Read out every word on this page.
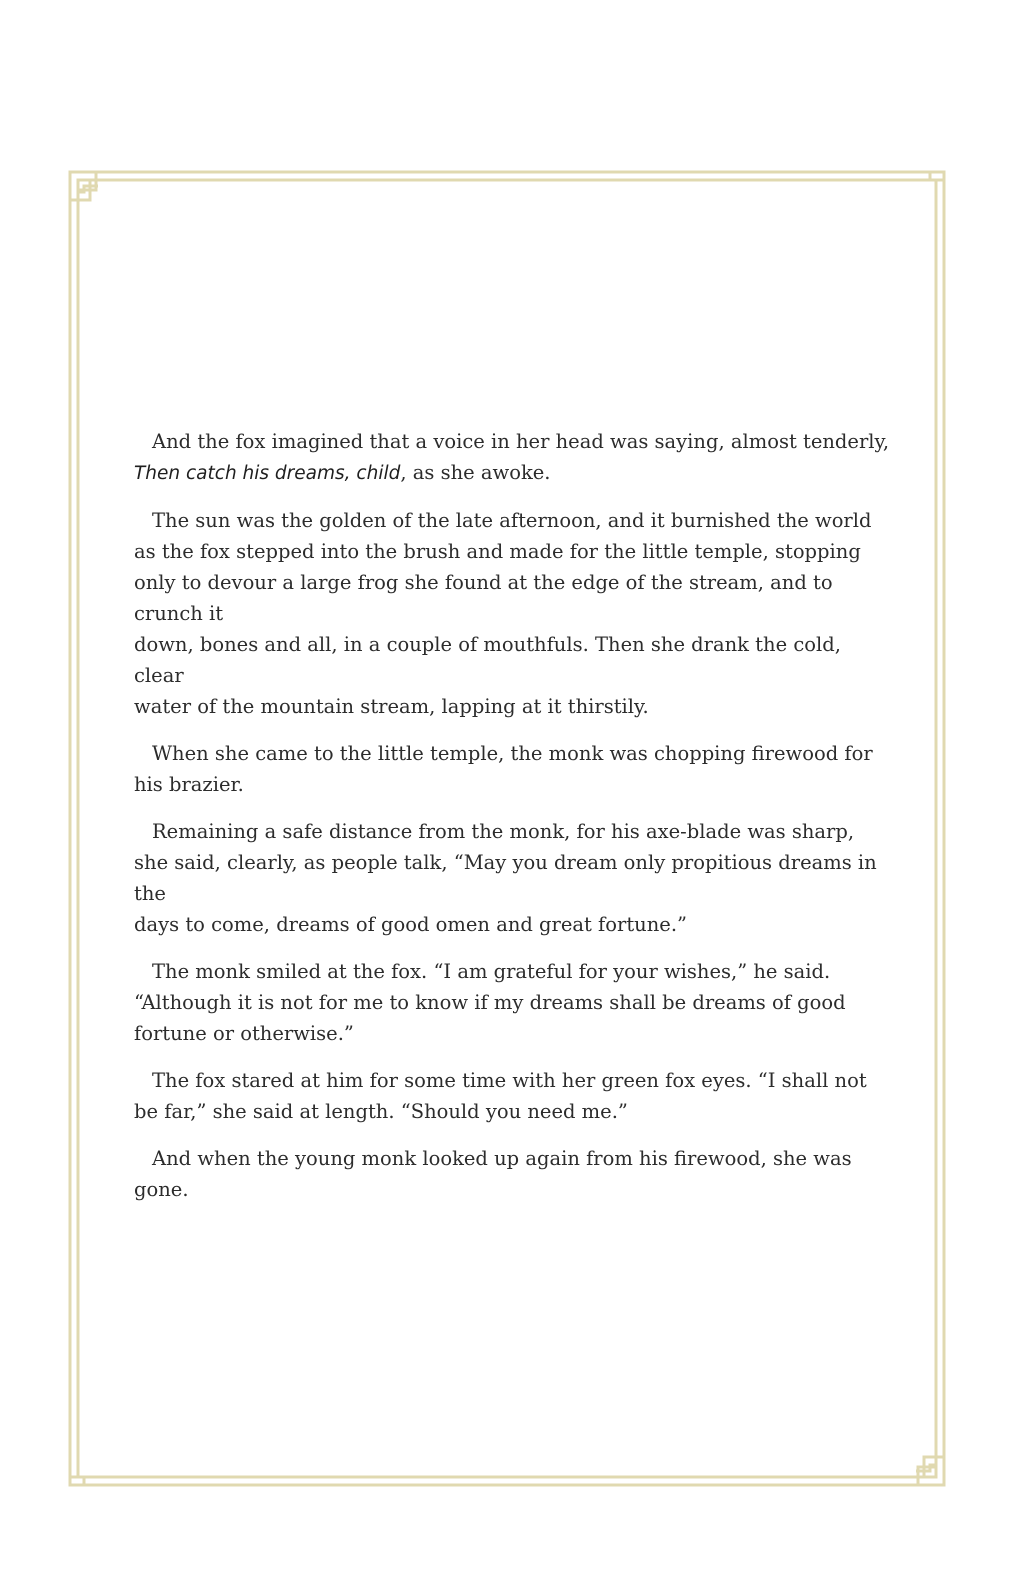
And the fox imagined that a voice in her head was saying, almost tenderly,
Then catch his dreams, child, as she awoke.

The sun was the golden of the late afternoon, and it burnished the world
as the fox stepped into the brush and made for the little temple, stopping
only to devour a large frog she found at the edge of the stream, and to crunch it
down, bones and all, in a couple of mouthfuls. Then she drank the cold, clear
water of the mountain stream, lapping at it thirstily.

When she came to the little temple, the monk was chopping firewood for
his brazier.

Remaining a safe distance from the monk, for his axe-blade was sharp,
she said, clearly, as people talk, “May you dream only propitious dreams in the
days to come, dreams of good omen and great fortune.”

The monk smiled at the fox. “I am grateful for your wishes,” he said.
“Although it is not for me to know if my dreams shall be dreams of good
fortune or otherwise.”

The fox stared at him for some time with her green fox eyes. “I shall not
be far,” she said at length. “Should you need me.”

And when the young monk looked up again from his firewood, she was gone.
